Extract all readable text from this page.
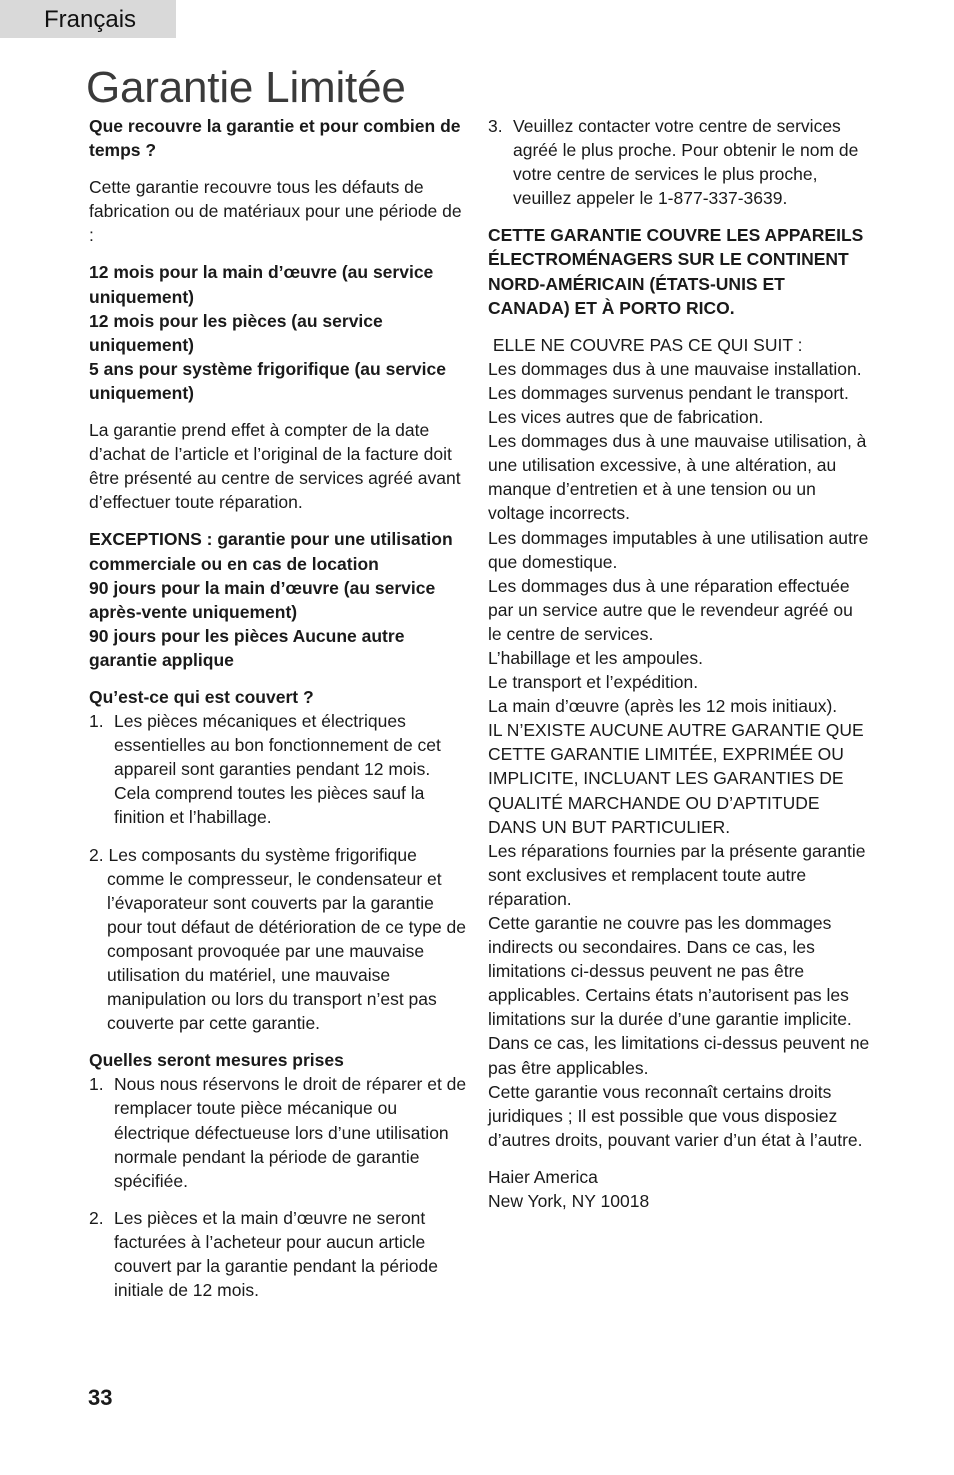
Français
Garantie Limitée

Que recouvre la garantie et pour combien de temps ?

Cette garantie recouvre tous les défauts de fabrication ou de matériaux pour une période de :

12 mois pour la main d’œuvre (au service uniquement)

12 mois pour les pièces (au service uniquement)

5 ans pour système frigorifique (au service uniquement)

La garantie prend effet à compter de la date d’achat de l’article et l’original de la facture doit être présenté au centre de services agréé avant d’effectuer toute réparation.

EXCEPTIONS : garantie pour une utilisation commerciale ou en cas de location

90 jours pour la main d’œuvre (au service après-vente uniquement)

90 jours pour les pièces Aucune autre

garantie applique

Qu’est-ce qui est couvert ?

1. Les pièces mécaniques et électriques essentielles au bon fonctionnement de cet appareil sont garanties pendant 12 mois. Cela comprend toutes les pièces sauf la finition et l’habillage.
2. Les composants du système frigorifique comme le compresseur, le condensateur et l’évaporateur sont couverts par la garantie pour tout défaut de détérioration de ce type de composant provoquée par une mauvaise utilisation du matériel, une mauvaise manipulation ou lors du transport n’est pas couverte par cette garantie.

Quelles seront mesures prises

1. Nous nous réservons le droit de réparer et de remplacer toute pièce mécanique ou électrique défectueuse lors d’une utilisation normale pendant la période de garantie spécifiée.
2. Les pièces et la main d’œuvre ne seront facturées à l’acheteur pour aucun article couvert par la garantie pendant la période initiale de 12 mois.
3. Veuillez contacter votre centre de services agréé le plus proche. Pour obtenir le nom de votre centre de services le plus proche, veuillez appeler le 1-877-337-3639.

CETTE GARANTIE COUVRE LES APPAREILS ÉLECTROMÉNAGERS SUR LE CONTINENT NORD-AMÉRICAIN (ÉTATS-UNIS ET CANADA) ET À PORTO RICO.

ELLE NE COUVRE PAS CE QUI SUIT :

Les dommages dus à une mauvaise installation.

Les dommages survenus pendant le transport.

Les vices autres que de fabrication.

Les dommages dus à une mauvaise utilisation, à une utilisation excessive, à une altération, au manque d’entretien et à une tension ou un voltage incorrects.

Les dommages imputables à une utilisation autre que domestique.

Les dommages dus à une réparation effectuée par un service autre que le revendeur agréé ou le centre de services.

L’habillage et les ampoules.

Le transport et l’expédition.

La main d’œuvre (après les 12 mois initiaux).

IL N’EXISTE AUCUNE AUTRE GARANTIE QUE CETTE GARANTIE LIMITÉE, EXPRIMÉE OU IMPLICITE, INCLUANT LES GARANTIES DE QUALITÉ MARCHANDE OU D’APTITUDE DANS UN BUT PARTICULIER.

Les réparations fournies par la présente garantie sont exclusives et remplacent toute autre réparation.

Cette garantie ne couvre pas les dommages indirects ou secondaires. Dans ce cas, les limitations ci-dessus peuvent ne pas être applicables. Certains états n’autorisent pas les limitations sur la durée d’une garantie implicite. Dans ce cas, les limitations ci-dessus peuvent ne pas être applicables.

Cette garantie vous reconnaît certains droits juridiques ; Il est possible que vous disposiez d’autres droits, pouvant varier d’un état à l’autre.

Haier America

New York, NY 10018

33
